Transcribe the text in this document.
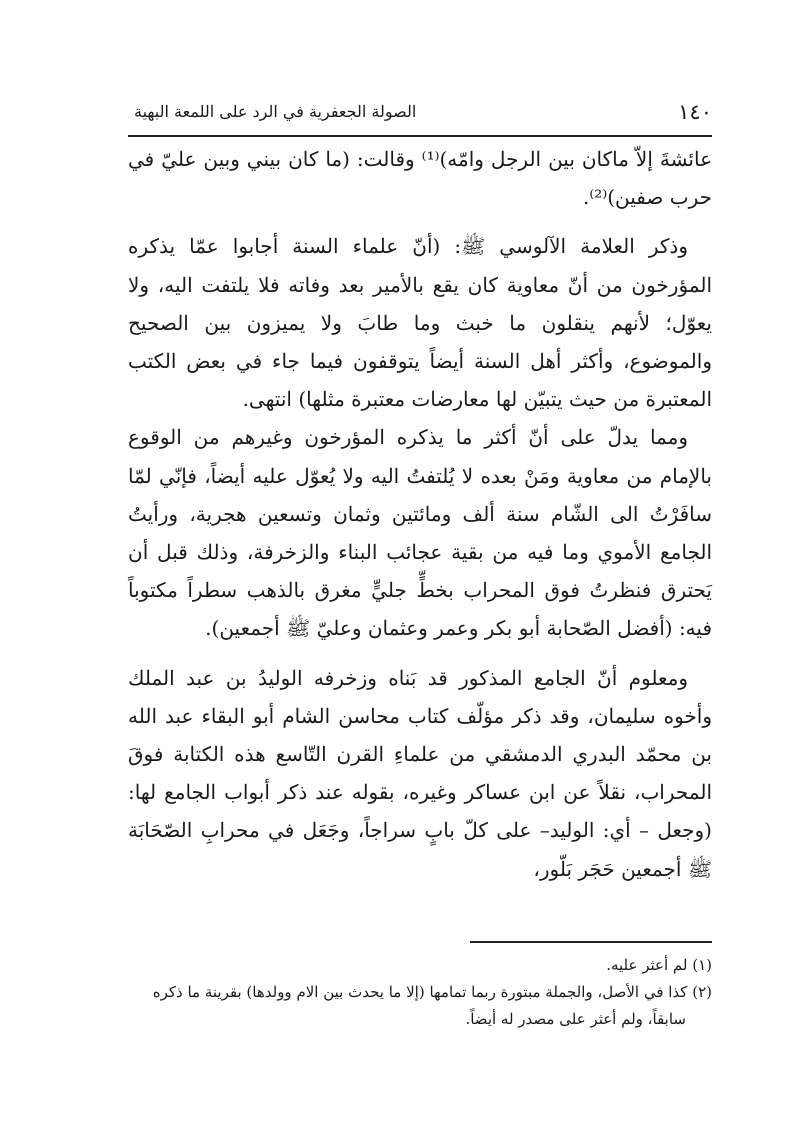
١٤٠
الصولة الجعفرية في الرد على اللمعة البهية

عائشةَ إلاّ ماكان بين الرجل وامّه)⁽¹⁾ وقالت: (ما كان بيني وبين عليّ في حرب صفين)⁽²⁾.

وذكر العلامة الآلوسي ﷺ: (أنّ علماء السنة أجابوا عمّا يذكره المؤرخون من أنّ معاوية كان يقع بالأمير بعد وفاته فلا يلتفت اليه، ولا يعوّل؛ لأنهم ينقلون ما خبث وما طابَ ولا يميزون بين الصحيح والموضوع، وأكثر أهل السنة أيضاً يتوقفون فيما جاء في بعض الكتب المعتبرة من حيث يتبيّن لها معارضات معتبرة مثلها) انتهى.

ومما يدلّ على أنّ أكثر ما يذكره المؤرخون وغيرهم من الوقوع بالإمام من معاوية ومَنْ بعده لا يُلتفتُ اليه ولا يُعوّل عليه أيضاً، فإنّي لمّا سافَرْتُ الى الشّام سنة ألف ومائتين وثمان وتسعين هجرية، ورأيتُ الجامع الأموي وما فيه من بقية عجائب البناء والزخرفة، وذلك قبل أن يَحترق فنظرتُ فوق المحراب بخطٍّ جليٍّ مغرق بالذهب سطراً مكتوباً فيه: (أفضل الصّحابة أبو بكر وعمر وعثمان وعليّ ﷺ أجمعين).

ومعلوم أنّ الجامع المذكور قد بَناه وزخرفه الوليدُ بن عبد الملك وأخوه سليمان، وقد ذكر مؤلّف كتاب محاسن الشام أبو البقاء عبد الله بن محمّد البدري الدمشقي من علماءِ القرن التّاسع هذه الكتابة فوقَ المحراب، نقلاً عن ابن عساكر وغيره، بقوله عند ذكر أبواب الجامع لها: (وجعل – أي: الوليد– على كلّ بابٍ سراجاً، وجَعَل في محرابِ الصّحَابَة ﷺ أجمعين حَجَر بَلّور،

(١) لم أعثر عليه.

(٢) كذا في الأصل، والجملة مبتورة ربما تمامها (إلا ما يحدث بين الام وولدها) بقرينة ما ذكره

سابقاً، ولم أعثر على مصدر له أيضاً.
